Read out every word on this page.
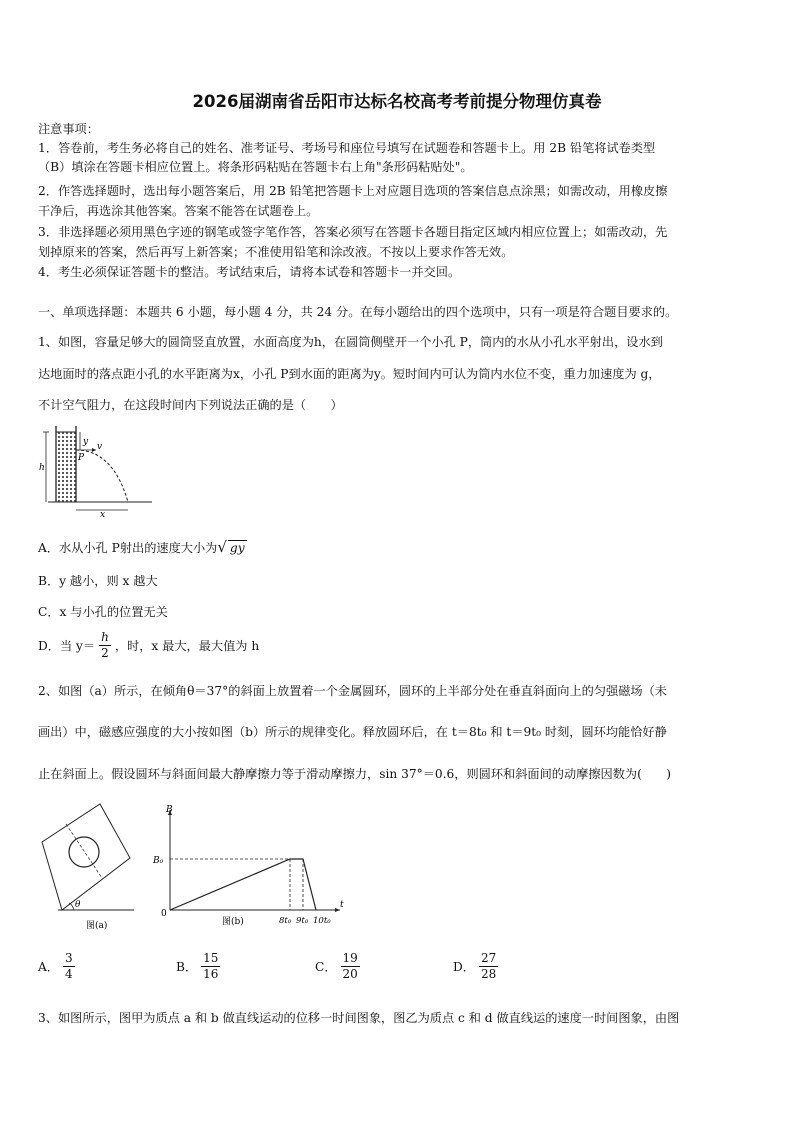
2026届湖南省岳阳市达标名校高考考前提分物理仿真卷
注意事项：
1．答卷前，考生务必将自己的姓名、准考证号、考场号和座位号填写在试题卷和答题卡上。用 2B 铅笔将试卷类型
（B）填涂在答题卡相应位置上。将条形码粘贴在答题卡右上角"条形码粘贴处"。
2．作答选择题时，选出每小题答案后，用 2B 铅笔把答题卡上对应题目选项的答案信息点涂黑；如需改动，用橡皮擦
干净后，再选涂其他答案。答案不能答在试题卷上。
3．非选择题必须用黑色字迹的钢笔或签字笔作答，答案必须写在答题卡各题目指定区域内相应位置上；如需改动，先
划掉原来的答案，然后再写上新答案；不准使用铅笔和涂改液。不按以上要求作答无效。
4．考生必须保证答题卡的整洁。考试结束后，请将本试卷和答题卡一并交回。
一、单项选择题：本题共 6 小题，每小题 4 分，共 24 分。在每小题给出的四个选项中，只有一项是符合题目要求的。
1、如图，容量足够大的圆筒竖直放置，水面高度为h，在圆筒侧壁开一个小孔 P，筒内的水从小孔水平射出，设水到
达地面时的落点距小孔的水平距离为x，小孔 P到水面的距离为y。短时间内可认为筒内水位不变，重力加速度为 g，
不计空气阻力，在这段时间内下列说法正确的是（　　）
h
y v
P
x
A．水从小孔 P射出的速度大小为√ gy
B．y 越小，则 x 越大
C．x 与小孔的位置无关
D．当 $y= \frac{h}{2}$ ，时，x 最大，最大值为 h
2、如图（a）所示，在倾角θ＝37°的斜面上放置着一个金属圆环，圆环的上半部分处在垂直斜面向上的匀强磁场（未
画出）中，磁感应强度的大小按如图（b）所示的规律变化。释放圆环后，在 t＝8t₀ 和 t＝9t₀ 时刻，圆环均能恰好静
止在斜面上。假设圆环与斜面间最大静摩擦力等于滑动摩擦力，sin 37°＝0.6，则圆环和斜面间的动摩擦因数为(　　)
θ
图(a)
B
t
0
B₀
8t₀ 9t₀ 10t₀
图(b)
A． $\frac{3}{4}$	B． $\frac{15}{16}$	C． $\frac{19}{20}$	D． $\frac{27}{28}$
3、如图所示，图甲为质点 a 和 b 做直线运动的位移一时间图象，图乙为质点 c 和 d 做直线运的速度一时间图象，由图
